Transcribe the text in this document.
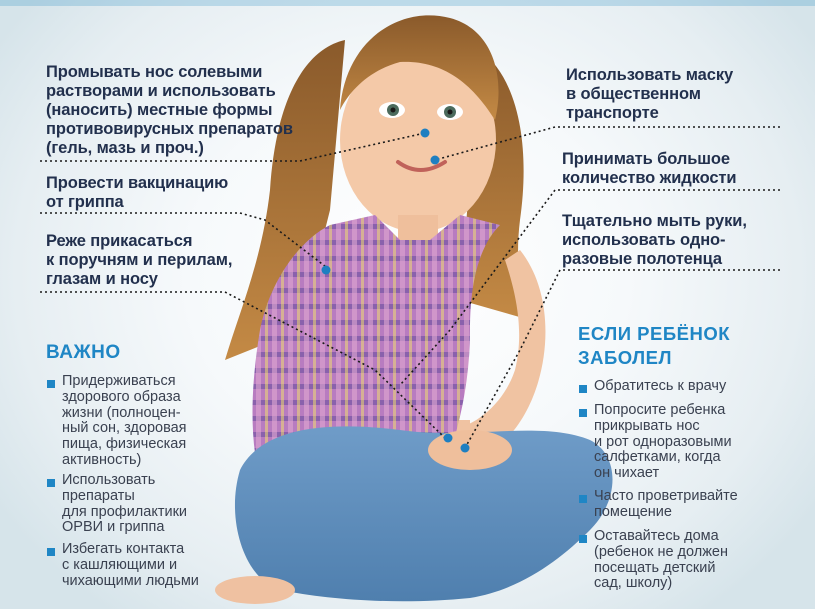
Промывать нос солевыми
растворами и использовать
(наносить) местные формы
противовирусных препаратов
(гель, мазь и проч.)
Провести вакцинацию
от гриппа
Реже прикасаться
к поручням и перилам,
глазам и носу
Использовать маску
в общественном
транспорте
Принимать большое
количество жидкости
Тщательно мыть руки,
использовать одно-
разовые полотенца
ВАЖНО
Придерживаться
здорового образа
жизни (полноцен-
ный сон, здоровая
пища, физическая
активность)
Использовать
препараты
для профилактики
ОРВИ и гриппа
Избегать контакта
с кашляющими и
чихающими людьми
ЕСЛИ РЕБЁНОК
ЗАБОЛЕЛ
Обратитесь к врачу
Попросите ребенка
прикрывать нос
и рот одноразовыми
салфетками, когда
он чихает
Часто проветривайте
помещение
Оставайтесь дома
(ребенок не должен
посещать детский
сад, школу)
